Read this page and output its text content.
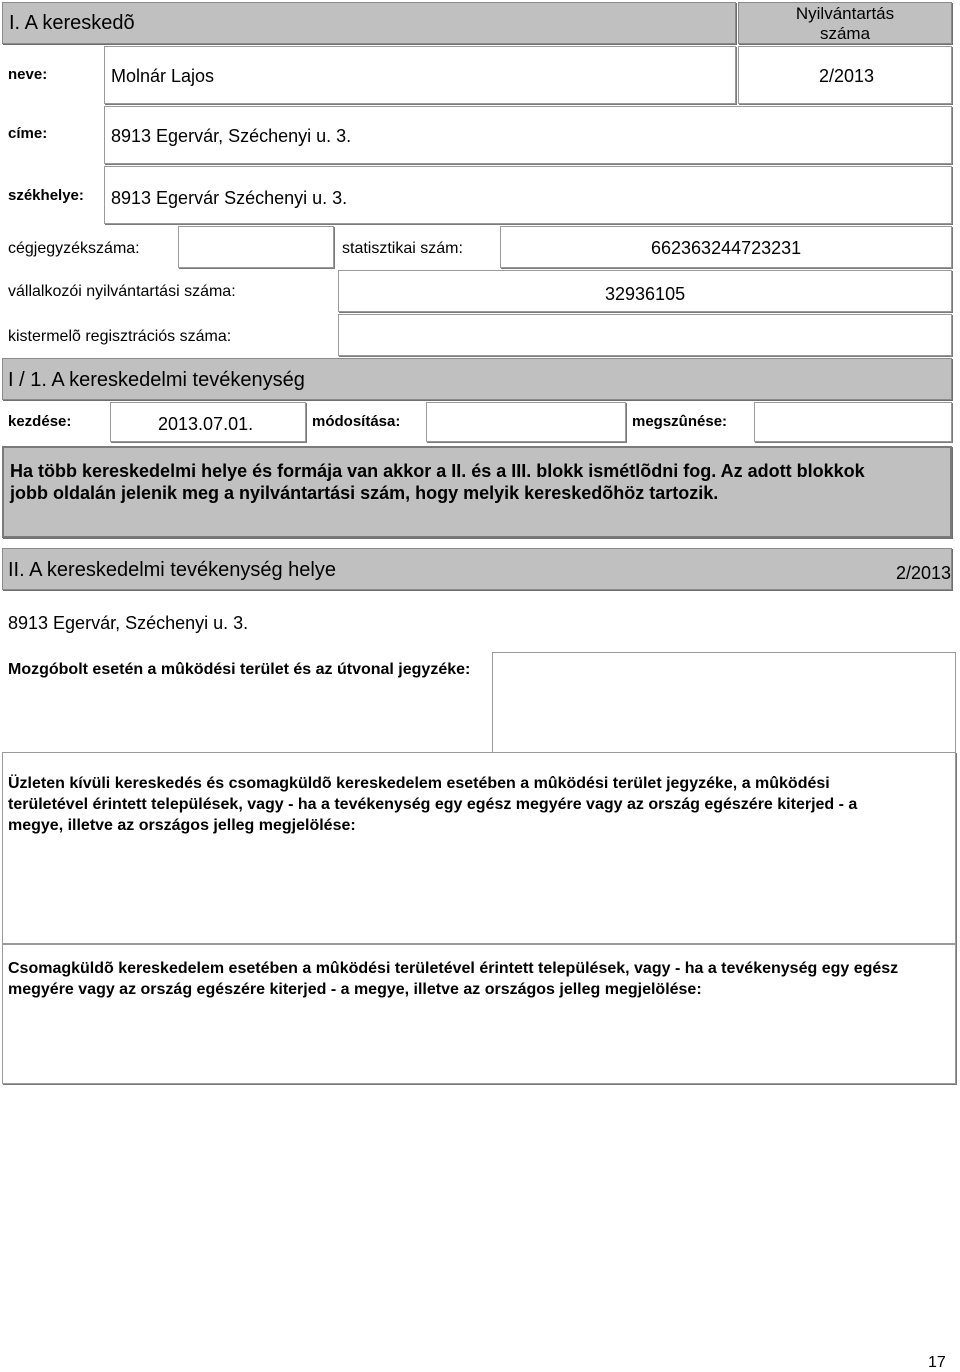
I. A kereskedõ	Nyilvántartás
száma
neve:	Molnár Lajos	2/2013
címe:	8913 Egervár, Széchenyi u. 3.
székhelye: 8913 Egervár Széchenyi u. 3.
cégjegyzékszáma:	statisztikai szám:	662363244723231
vállalkozói nyilvántartási száma:	32936105
kistermelõ regisztrációs száma:
I / 1. A kereskedelmi tevékenység
kezdése:	2013.07.01.	módosítása:	megszûnése:
Ha több kereskedelmi helye és formája van akkor a II. és a III. blokk ismétlõdni fog. Az adott blokkok jobb oldalán jelenik meg a nyilvántartási szám, hogy melyik kereskedõhöz tartozik.
II. A kereskedelmi tevékenység helye	2/2013
8913 Egervár, Széchenyi u. 3.
Mozgóbolt esetén a mûködési terület és az útvonal jegyzéke:
Üzleten kívüli kereskedés és csomagküldõ kereskedelem esetében a mûködési terület jegyzéke, a mûködési területével érintett települések, vagy - ha a tevékenység egy egész megyére vagy az ország egészére kiterjed - a megye, illetve az országos jelleg megjelölése:
Csomagküldõ kereskedelem esetében a mûködési területével érintett települések, vagy - ha a tevékenység egy egész megyére vagy az ország egészére kiterjed - a megye, illetve az országos jelleg megjelölése:
17
